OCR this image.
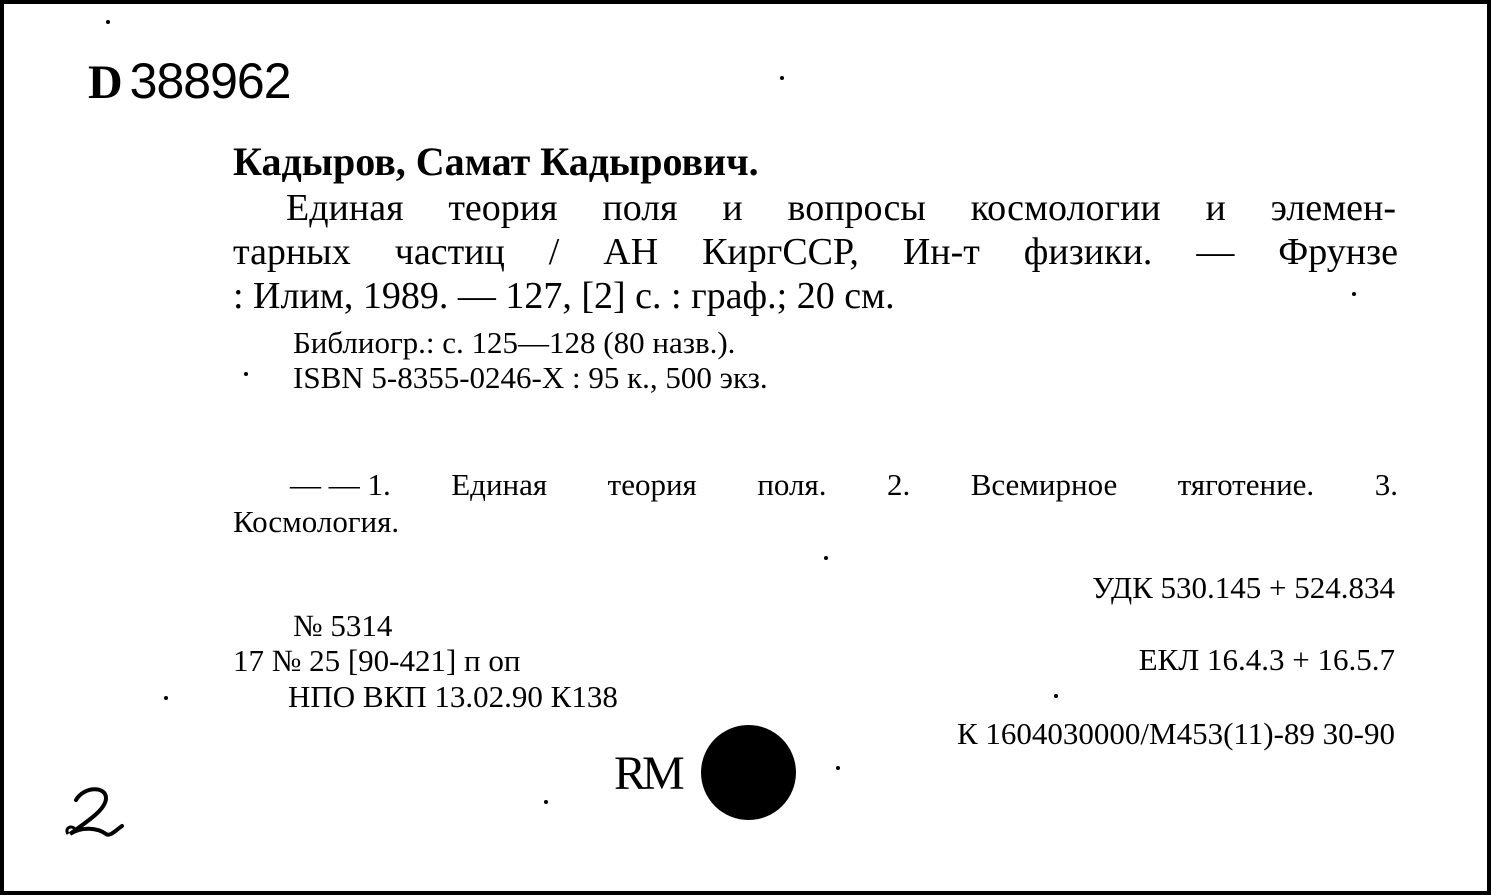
D 388962
Кадыров, Самат Кадырович.
Единая теория поля и вопросы космологии и элемен-
тарных частиц / АН КиргССР, Ин-т физики. — Фрунзе
: Илим, 1989. — 127, [2] с. : граф.; 20 см.
Библиогр.: с. 125—128 (80 назв.).
ISBN 5-8355-0246-X : 95 к., 500 экз.
— — 1. Единая теория поля. 2. Всемирное тяготение. 3.
Космология.
УДК 530.145 + 524.834
ЕКЛ 16.4.3 + 16.5.7
К 1604030000/М453(11)-89 30-90
№ 5314
17 № 25 [90-421] п оп
НПО ВКП 13.02.90 К138
RM
